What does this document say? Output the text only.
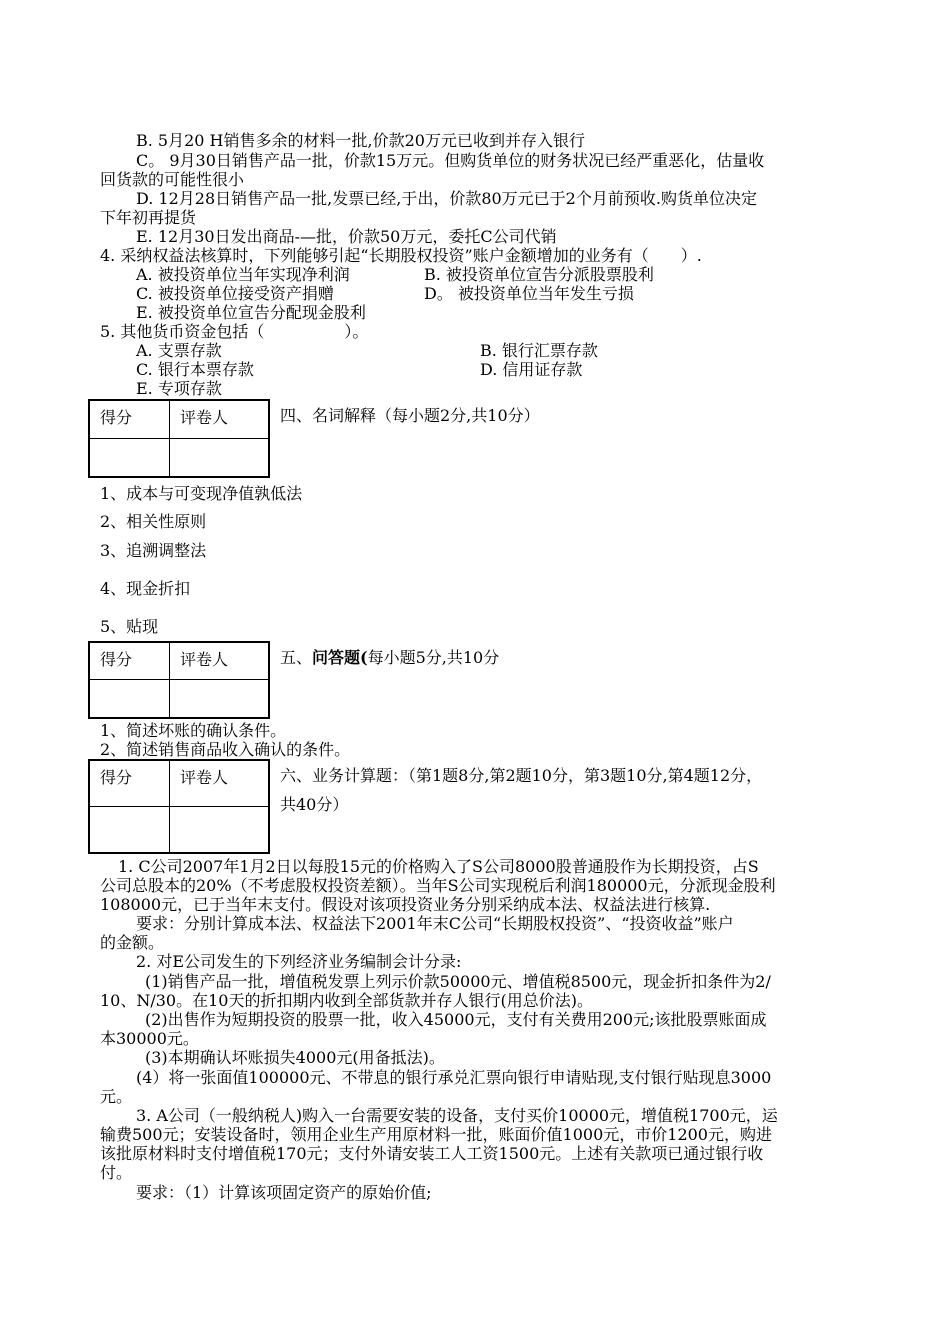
B. 5月20 H销售多余的材料一批,价款20万元已收到并存入银行
C。 9月30日销售产品一批，价款15万元。但购货单位的财务状况已经严重恶化，估量收
回货款的可能性很小
D. 12月28日销售产品一批,发票已经,于出，价款80万元已于2个月前预收.购货单位决定
下年初再提货
E. 12月30日发出商品-—批，价款50万元，委托C公司代销
4. 采纳权益法核算时，下列能够引起“长期股权投资”账户金额增加的业务有（　　）.
A. 被投资单位当年实现净利润	B. 被投资单位宣告分派股票股利
C. 被投资单位接受资产捐赠	D。 被投资单位当年发生亏损
E. 被投资单位宣告分配现金股利
5. 其他货币资金包括（　　　　　）。
A. 支票存款	B. 银行汇票存款
C. 银行本票存款	D. 信用证存款
E. 专项存款
得分	评卷人	四、名词解释（每小题2分,共10分）
1、成本与可变现净值孰低法
2、相关性原则
3、追溯调整法
4、现金折扣
5、贴现
得分	评卷人	五、问答题(每小题5分,共10分
1、简述坏账的确认条件。
2、简述销售商品收入确认的条件。
得分	评卷人	六、业务计算题：（第1题8分,第2题10分，第3题10分,第4题12分，
共40分）
1. C公司2007年1月2日以每股15元的价格购入了S公司8000股普通股作为长期投资，占S
公司总股本的20%（不考虑股权投资差额）。当年S公司实现税后利润180000元，分派现金股利
108000元，已于当年末支付。假设对该项投资业务分别采纳成本法、权益法进行核算.
要求：分别计算成本法、权益法下2001年末C公司“长期股权投资”、“投资收益”账户
的金额。
2. 对E公司发生的下列经济业务编制会计分录:
(1)销售产品一批，增值税发票上列示价款50000元、增值税8500元，现金折扣条件为2/
10、N/30。在10天的折扣期内收到全部货款并存人银行(用总价法)。
(2)出售作为短期投资的股票一批，收入45000元，支付有关费用200元;该批股票账面成
本30000元。
(3)本期确认坏账损失4000元(用备抵法)。
(4）将一张面值100000元、不带息的银行承兑汇票向银行申请贴现,支付银行贴现息3000
元。
3. A公司（一般纳税人)购入一台需要安装的设备，支付买价10000元，增值税1700元，运
输费500元；安装设备时，领用企业生产用原材料一批，账面价值1000元，市价1200元，购进
该批原材料时支付增值税170元；支付外请安装工人工资1500元。上述有关款项已通过银行收
付。
要求：（1）计算该项固定资产的原始价值;
